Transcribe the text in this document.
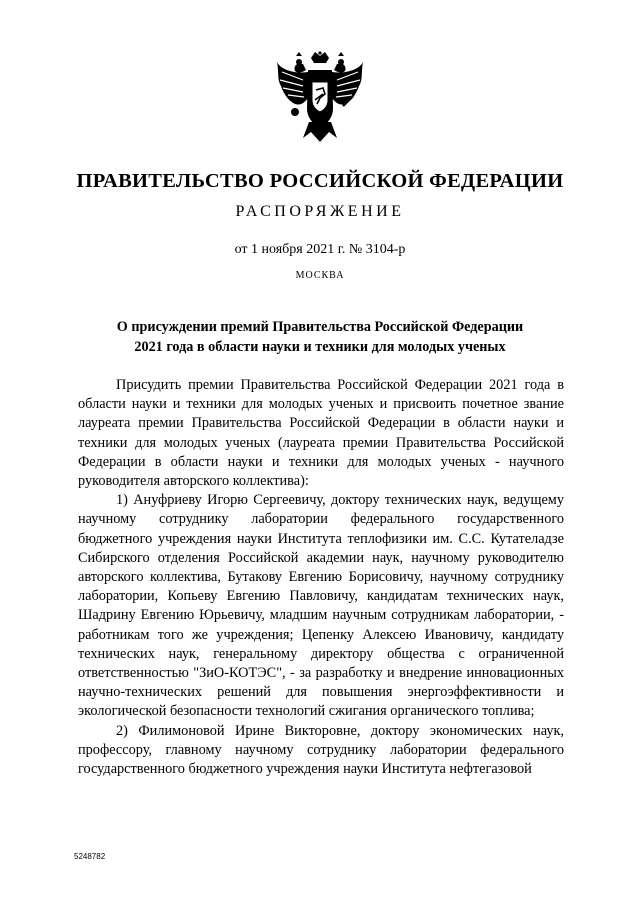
ПРАВИТЕЛЬСТВО РОССИЙСКОЙ ФЕДЕРАЦИИ
РАСПОРЯЖЕНИЕ
от 1 ноября 2021 г. № 3104-р
МОСКВА
О присуждении премий Правительства Российской Федерации
2021 года в области науки и техники для молодых ученых

Присудить премии Правительства Российской Федерации 2021 года в области науки и техники для молодых ученых и присвоить почетное звание лауреата премии Правительства Российской Федерации в области науки и техники для молодых ученых (лауреата премии Правительства Российской Федерации в области науки и техники для молодых ученых - научного руководителя авторского коллектива):

1) Ануфриеву Игорю Сергеевичу, доктору технических наук, ведущему научному сотруднику лаборатории федерального государственного бюджетного учреждения науки Института теплофизики им. С.С. Кутателадзе Сибирского отделения Российской академии наук, научному руководителю авторского коллектива, Бутакову Евгению Борисовичу, научному сотруднику лаборатории, Копьеву Евгению Павловичу, кандидатам технических наук, Шадрину Евгению Юрьевичу, младшим научным сотрудникам лаборатории, - работникам того же учреждения; Цепенку Алексею Ивановичу, кандидату технических наук, генеральному директору общества с ограниченной ответственностью "ЗиО-КОТЭС", - за разработку и внедрение инновационных научно-технических решений для повышения энергоэффективности и экологической безопасности технологий сжигания органического топлива;

2) Филимоновой Ирине Викторовне, доктору экономических наук, профессору, главному научному сотруднику лаборатории федерального государственного бюджетного учреждения науки Института нефтегазовой

5248782
